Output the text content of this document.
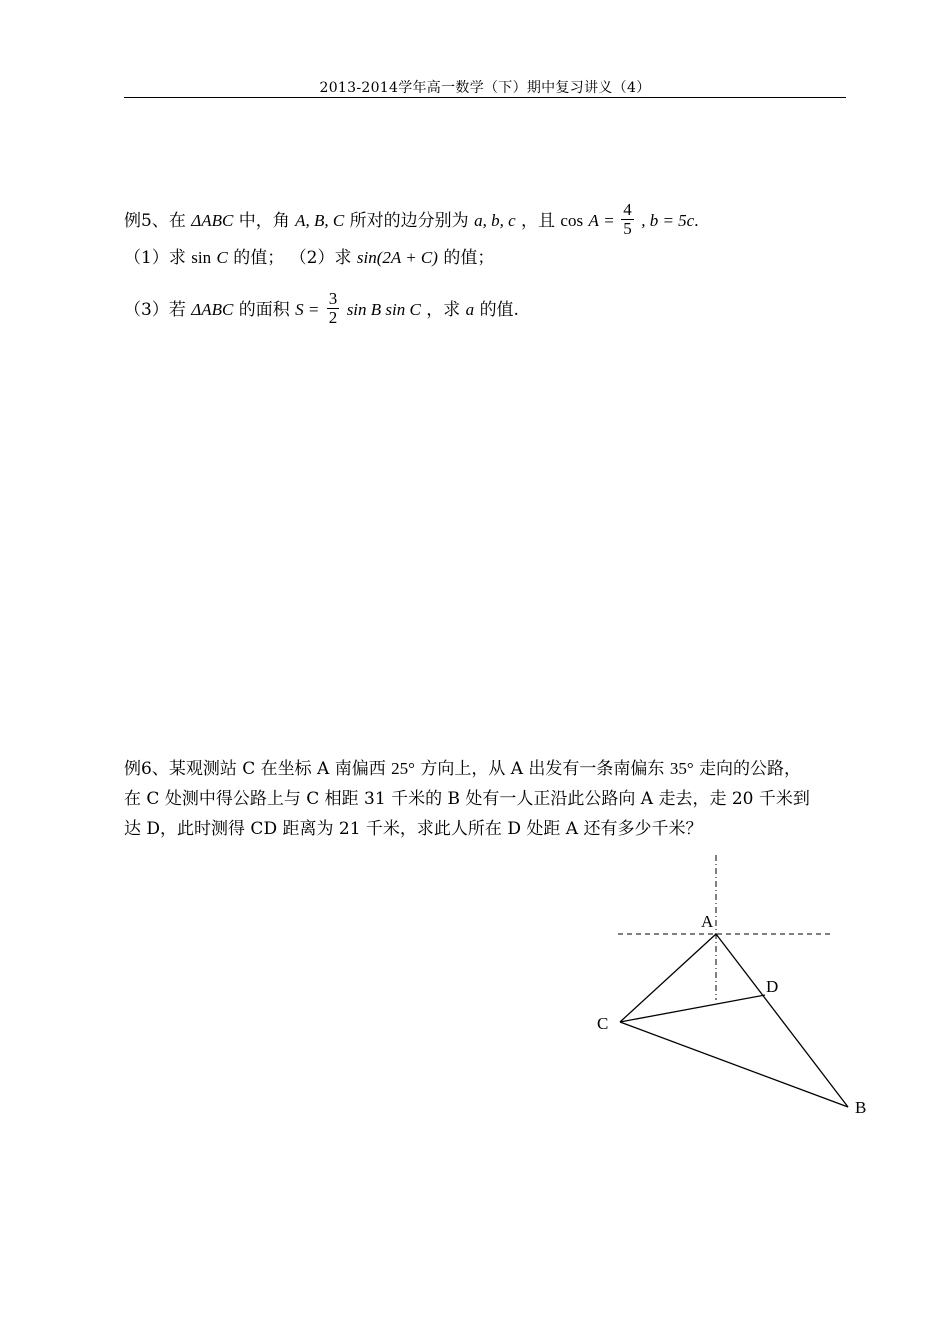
2013-2014学年高一数学（下）期中复习讲义（4）
例5、在 ΔABC 中，角 A, B, C 所对的边分别为 a, b, c ，且 $\cos A = \frac{4}{5}$ , b = 5c.
（1）求 sin C 的值； （2）求 sin(2A + C) 的值；
（3）若 ΔABC 的面积 $S = \frac{3}{2}$ sin B sin C ，求 a 的值.
例6、某观测站 C 在坐标 A 南偏西 25° 方向上，从 A 出发有一条南偏东 35° 走向的公路，
在 C 处测中得公路上与 C 相距 31 千米的 B 处有一人正沿此公路向 A 走去，走 20 千米到
达 D，此时测得 CD 距离为 21 千米，求此人所在 D 处距 A 还有多少千米？
A
D
C
B
